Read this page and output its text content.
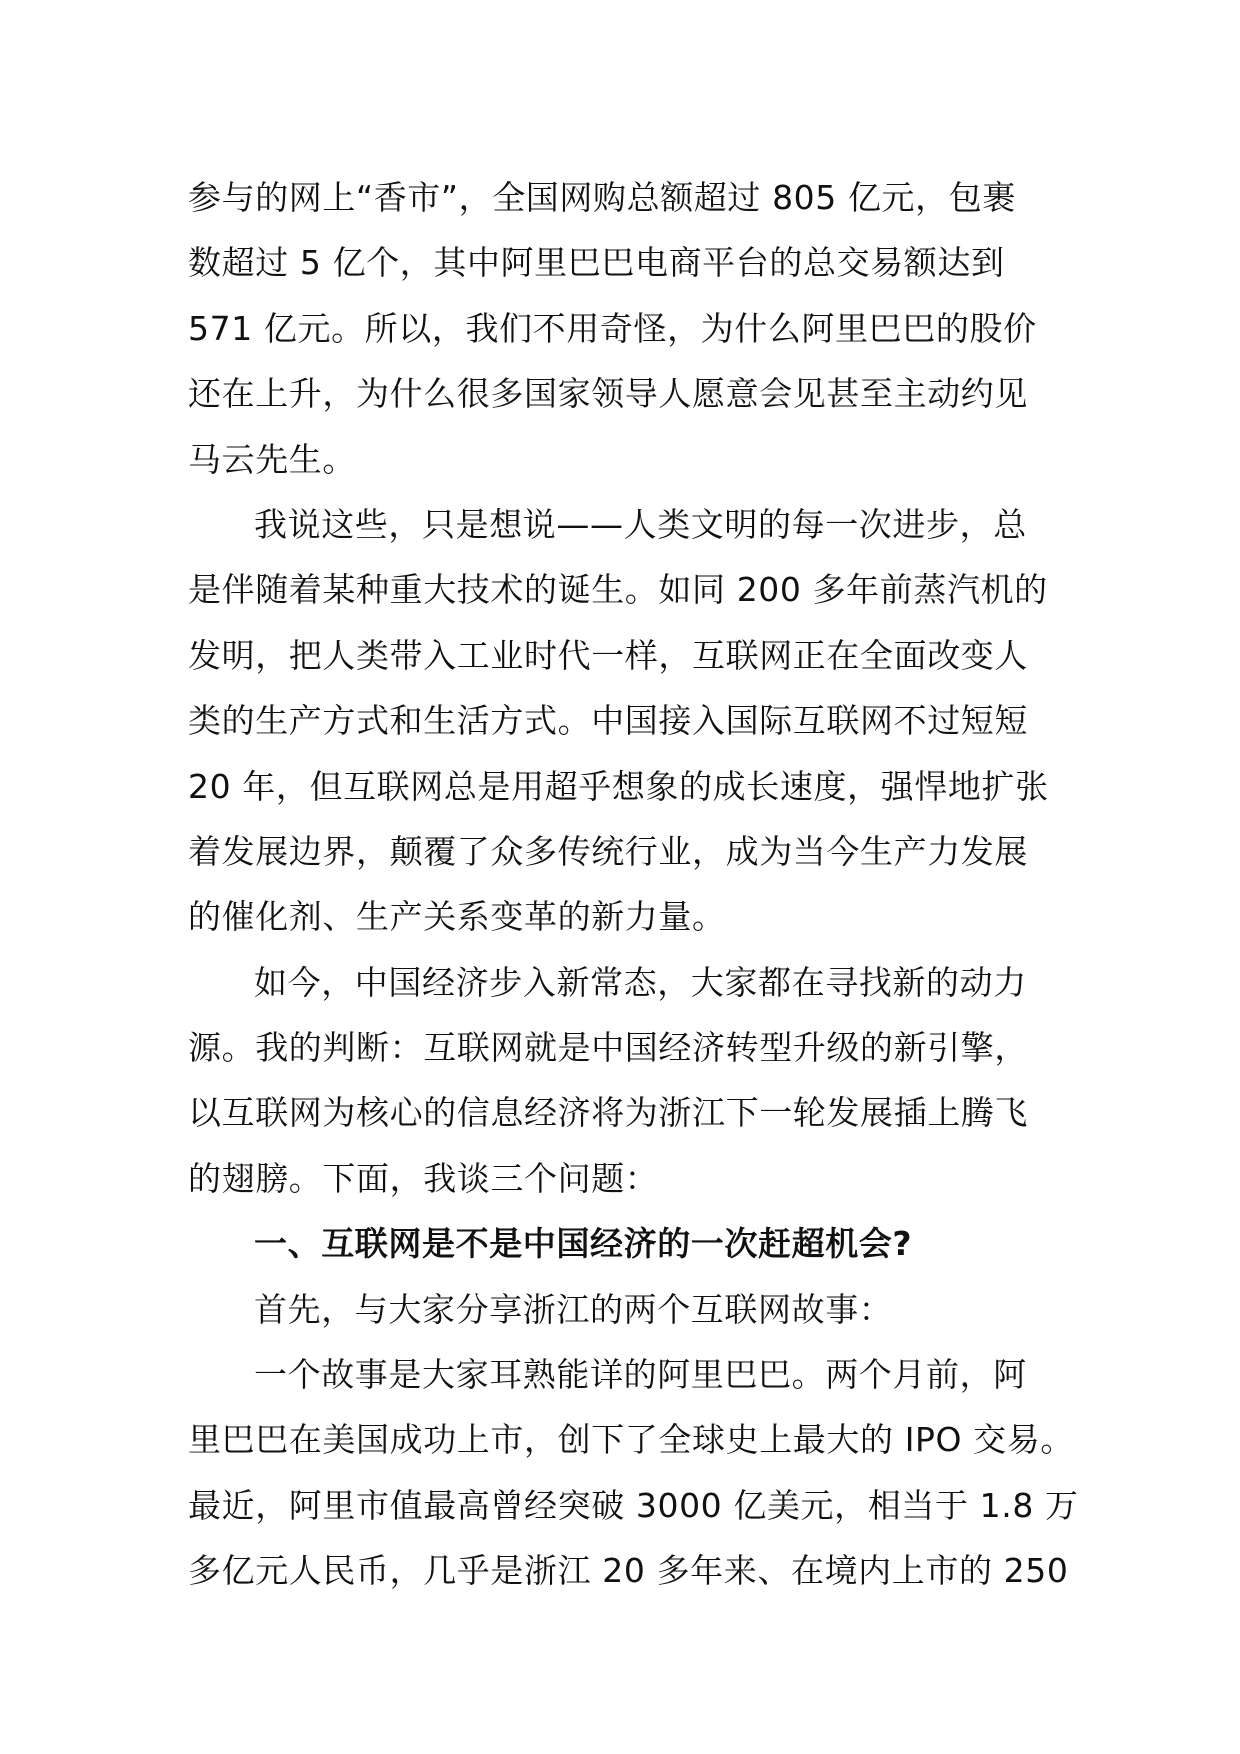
参与的网上“香市”，全国网购总额超过 805 亿元，包裹
数超过 5 亿个，其中阿里巴巴电商平台的总交易额达到
571 亿元。所以，我们不用奇怪，为什么阿里巴巴的股价
还在上升，为什么很多国家领导人愿意会见甚至主动约见
马云先生。
我说这些，只是想说——人类文明的每一次进步，总
是伴随着某种重大技术的诞生。如同 200 多年前蒸汽机的
发明，把人类带入工业时代一样，互联网正在全面改变人
类的生产方式和生活方式。中国接入国际互联网不过短短
20 年，但互联网总是用超乎想象的成长速度，强悍地扩张
着发展边界，颠覆了众多传统行业，成为当今生产力发展
的催化剂、生产关系变革的新力量。
如今，中国经济步入新常态，大家都在寻找新的动力
源。我的判断：互联网就是中国经济转型升级的新引擎，
以互联网为核心的信息经济将为浙江下一轮发展插上腾飞
的翅膀。下面，我谈三个问题：
一、互联网是不是中国经济的一次赶超机会?
首先，与大家分享浙江的两个互联网故事：
一个故事是大家耳熟能详的阿里巴巴。两个月前，阿
里巴巴在美国成功上市，创下了全球史上最大的 IPO 交易。
最近，阿里市值最高曾经突破 3000 亿美元，相当于 1.8 万
多亿元人民币，几乎是浙江 20 多年来、在境内上市的 250
